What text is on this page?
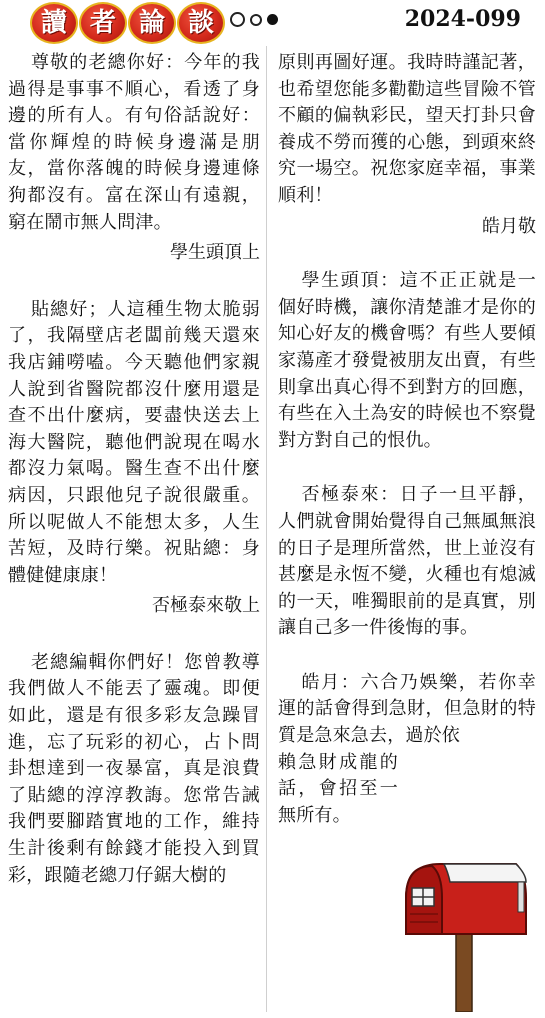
讀 者 論 談	2024-099

尊敬的老總你好：今年的我過得是事事不順心，看透了身邊的所有人。有句俗話說好：當你輝煌的時候身邊滿是朋友，當你落魄的時候身邊連條狗都沒有。富在深山有遠親，窮在鬧市無人問津。

學生頭頂上

貼總好；人這種生物太脆弱了，我隔壁店老闆前幾天還來我店鋪嘮嗑。今天聽他們家親人說到省醫院都沒什麼用還是查不出什麼病，要盡快送去上海大醫院，聽他們說現在喝水都沒力氣喝。醫生查不出什麼病因，只跟他兒子說很嚴重。所以呢做人不能想太多，人生苦短，及時行樂。祝貼總：身體健健康康！

否極泰來敬上

老總編輯你們好！您曾教導我們做人不能丟了靈魂。即便如此，還是有很多彩友急躁冒進，忘了玩彩的初心，占卜問卦想達到一夜暴富，真是浪費了貼總的淳淳教誨。您常告誡我們要腳踏實地的工作，維持生計後剩有餘錢才能投入到買彩，跟隨老總刀仔鋸大樹的

原則再圖好運。我時時謹記著，也希望您能多勸勸這些冒險不管不顧的偏執彩民，望天打卦只會養成不勞而獲的心態，到頭來終究一場空。祝您家庭幸福，事業順利！

皓月敬

學生頭頂：這不正正就是一個好時機，讓你清楚誰才是你的知心好友的機會嗎？有些人要傾家蕩產才發覺被朋友出賣，有些則拿出真心得不到對方的回應，有些在入土為安的時候也不察覺對方對自己的恨仇。

否極泰來：日子一旦平靜，人們就會開始覺得自己無風無浪的日子是理所當然，世上並沒有甚麼是永恆不變，火種也有熄滅的一天，唯獨眼前的是真實，別讓自己多一件後悔的事。

皓月：六合乃娛樂，若你幸運的話會得到急財，但急財的特質是急來急去，過於依

賴急財成龍的話，會招至一無所有。
